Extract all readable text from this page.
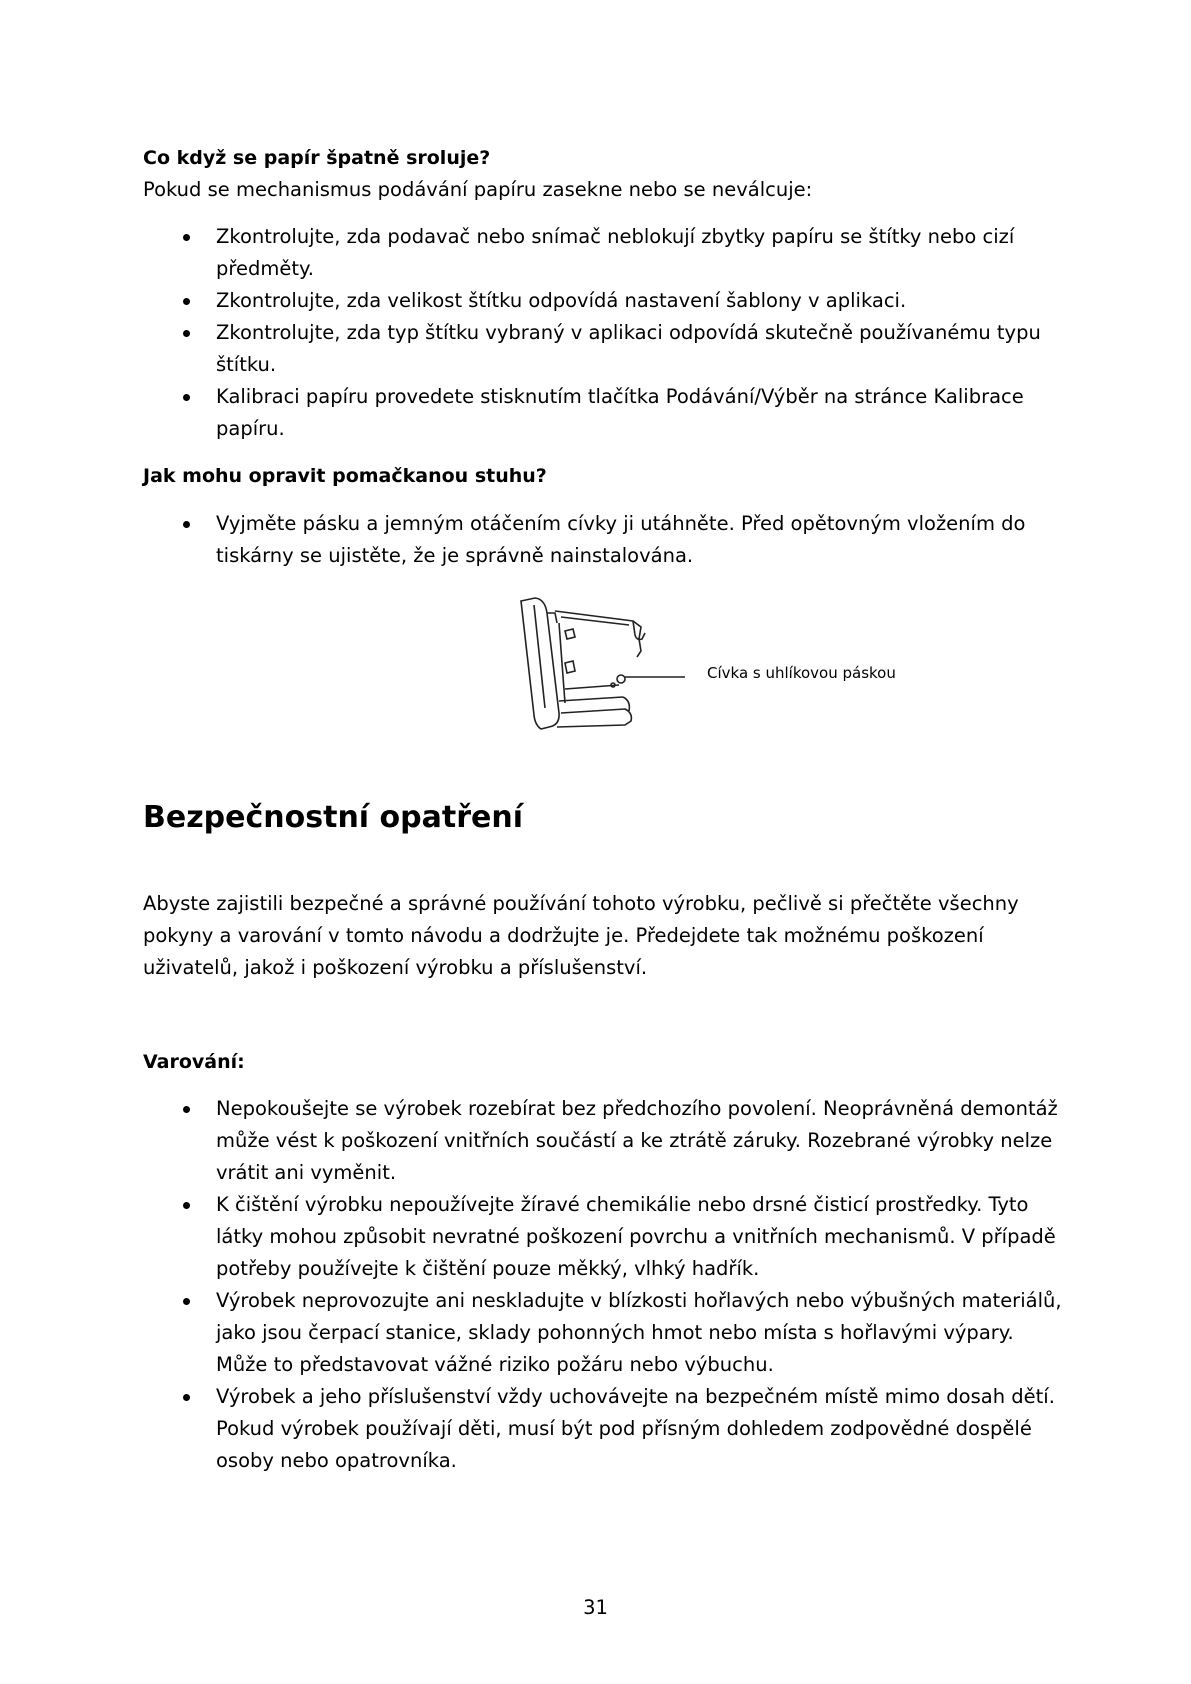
Co když se papír špatně sroluje?

Pokud se mechanismus podávání papíru zasekne nebo se neválcuje:

Zkontrolujte, zda podavač nebo snímač neblokují zbytky papíru se štítky nebo cizí předměty.
Zkontrolujte, zda velikost štítku odpovídá nastavení šablony v aplikaci.
Zkontrolujte, zda typ štítku vybraný v aplikaci odpovídá skutečně používanému typu štítku.
Kalibraci papíru provedete stisknutím tlačítka Podávání/Výběr na stránce Kalibrace papíru.

Jak mohu opravit pomačkanou stuhu?

Vyjměte pásku a jemným otáčením cívky ji utáhněte. Před opětovným vložením do tiskárny se ujistěte, že je správně nainstalována.
Cívka s uhlíkovou páskou
Bezpečnostní opatření

Abyste zajistili bezpečné a správné používání tohoto výrobku, pečlivě si přečtěte všechny pokyny a varování v tomto návodu a dodržujte je. Předejdete tak možnému poškození uživatelů, jakož i poškození výrobku a příslušenství.

Varování:

Nepokoušejte se výrobek rozebírat bez předchozího povolení. Neoprávněná demontáž může vést k poškození vnitřních součástí a ke ztrátě záruky. Rozebrané výrobky nelze vrátit ani vyměnit.
K čištění výrobku nepoužívejte žíravé chemikálie nebo drsné čisticí prostředky. Tyto látky mohou způsobit nevratné poškození povrchu a vnitřních mechanismů. V případě potřeby používejte k čištění pouze měkký, vlhký hadřík.
Výrobek neprovozujte ani neskladujte v blízkosti hořlavých nebo výbušných materiálů, jako jsou čerpací stanice, sklady pohonných hmot nebo místa s hořlavými výpary. Může to představovat vážné riziko požáru nebo výbuchu.
Výrobek a jeho příslušenství vždy uchovávejte na bezpečném místě mimo dosah dětí. Pokud výrobek používají děti, musí být pod přísným dohledem zodpovědné dospělé osoby nebo opatrovníka.
31
